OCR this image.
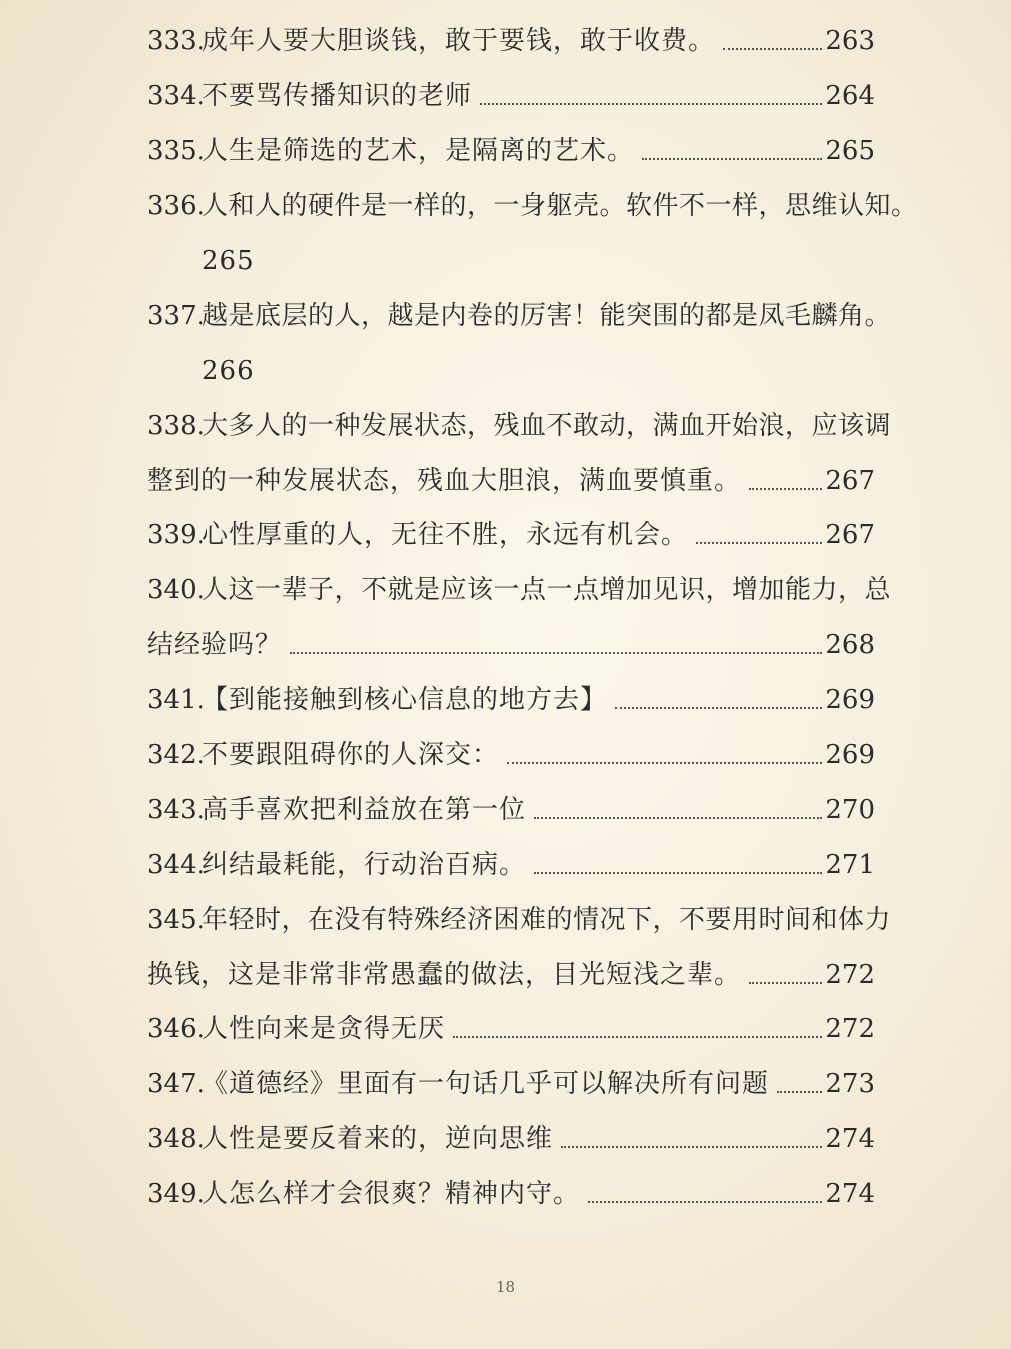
333.
成年人要大胆谈钱，敢于要钱，敢于收费。	263
334.
不要骂传播知识的老师	264
335.
人生是筛选的艺术，是隔离的艺术。	265
336.
人和人的硬件是一样的，一身躯壳。软件不一样，思维认知。
265
337.
越是底层的人，越是内卷的厉害！能突围的都是凤毛麟角。
266
338.
大多人的一种发展状态，残血不敢动，满血开始浪，应该调
整到的一种发展状态，残血大胆浪，满血要慎重。	267
339.
心性厚重的人，无往不胜，永远有机会。	267
340.
人这一辈子，不就是应该一点一点增加见识，增加能力，总
结经验吗？	268
341.
【到能接触到核心信息的地方去】	269
342.
不要跟阻碍你的人深交：	269
343.
高手喜欢把利益放在第一位	270
344.
纠结最耗能，行动治百病。	271
345.
年轻时，在没有特殊经济困难的情况下，不要用时间和体力
换钱，这是非常非常愚蠢的做法，目光短浅之辈。	272
346.
人性向来是贪得无厌	272
347.
《道德经》里面有一句话几乎可以解决所有问题 273
348.
人性是要反着来的，逆向思维	274
349.
人怎么样才会很爽？精神内守。	274
18
